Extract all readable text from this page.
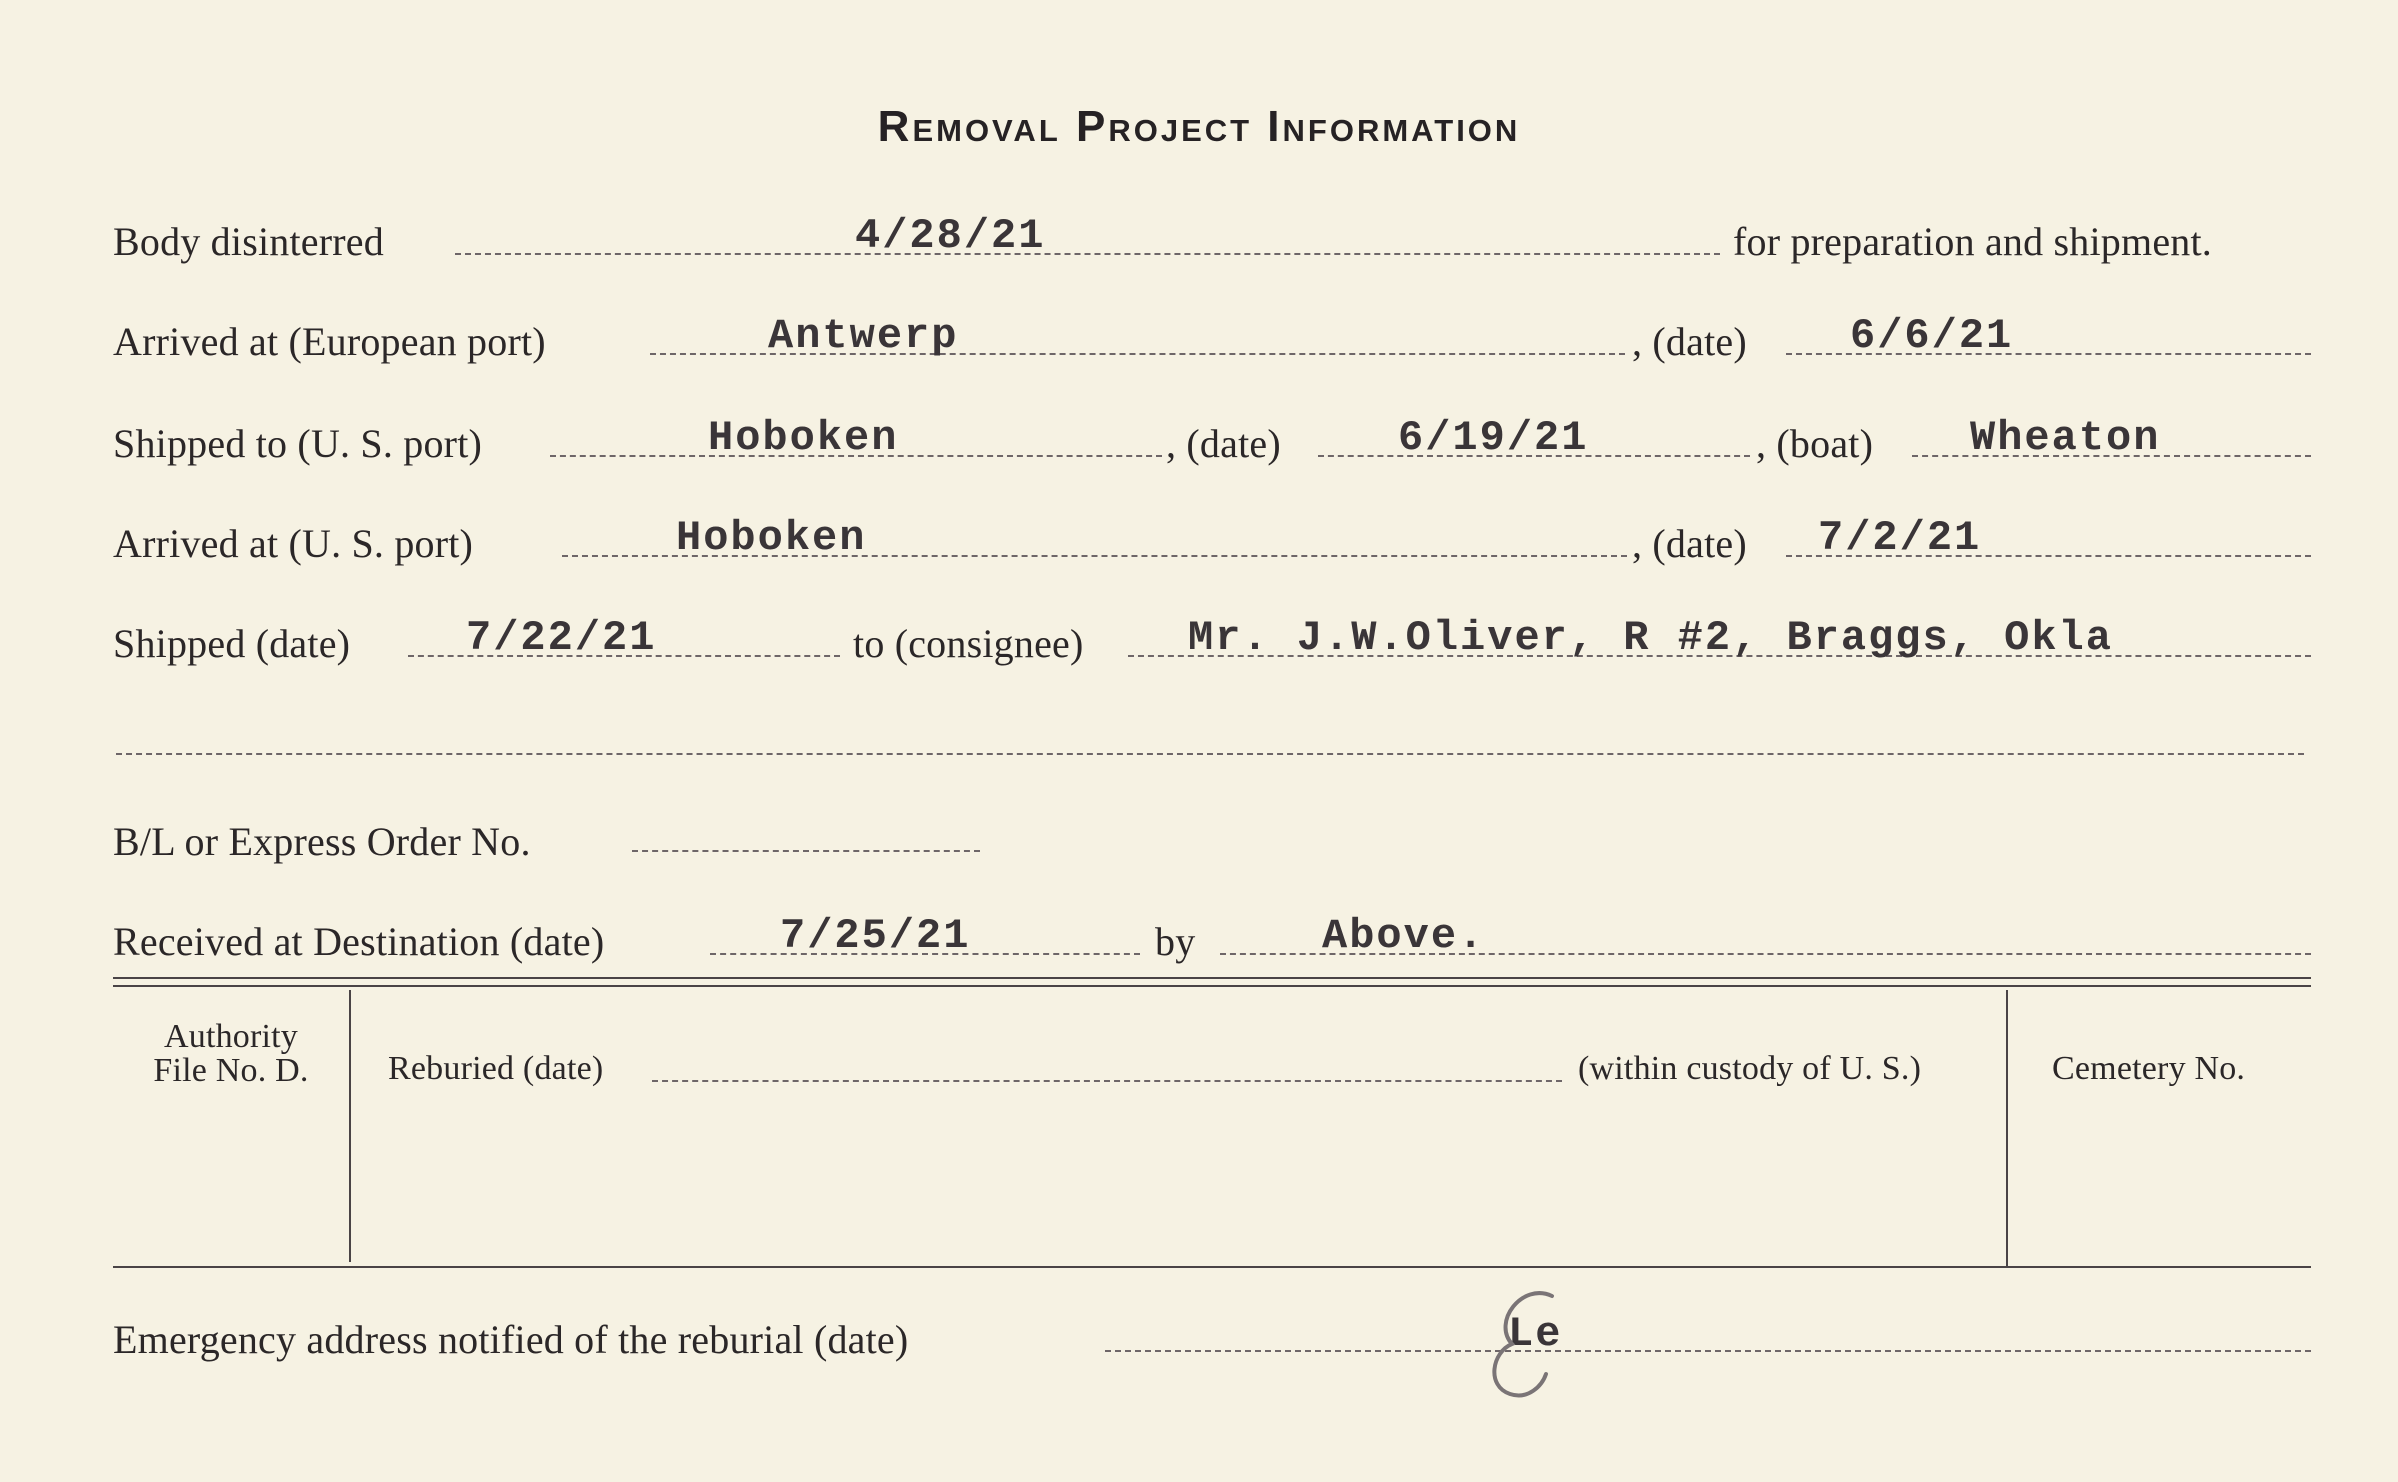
Removal Project Information
Body disinterred	4/28/21	for preparation and shipment.
Arrived at (European port)	Antwerp	, (date) 6/6/21
Shipped to (U. S. port)	Hoboken	, (date)	6/19/21	, (boat) Wheaton
Arrived at (U. S. port)	Hoboken	, (date) 7/2/21
Shipped (date)	7/22/21	to (consignee) Mr. J.W.Oliver, R #2, Braggs, Okla
B/L or Express Order No.
Received at Destination (date)	7/25/21	by	Above.
Authority
File No. D.	Reburied (date)	(within custody of U. S.)	Cemetery No.
Emergency address notified of the reburial (date)	Le
